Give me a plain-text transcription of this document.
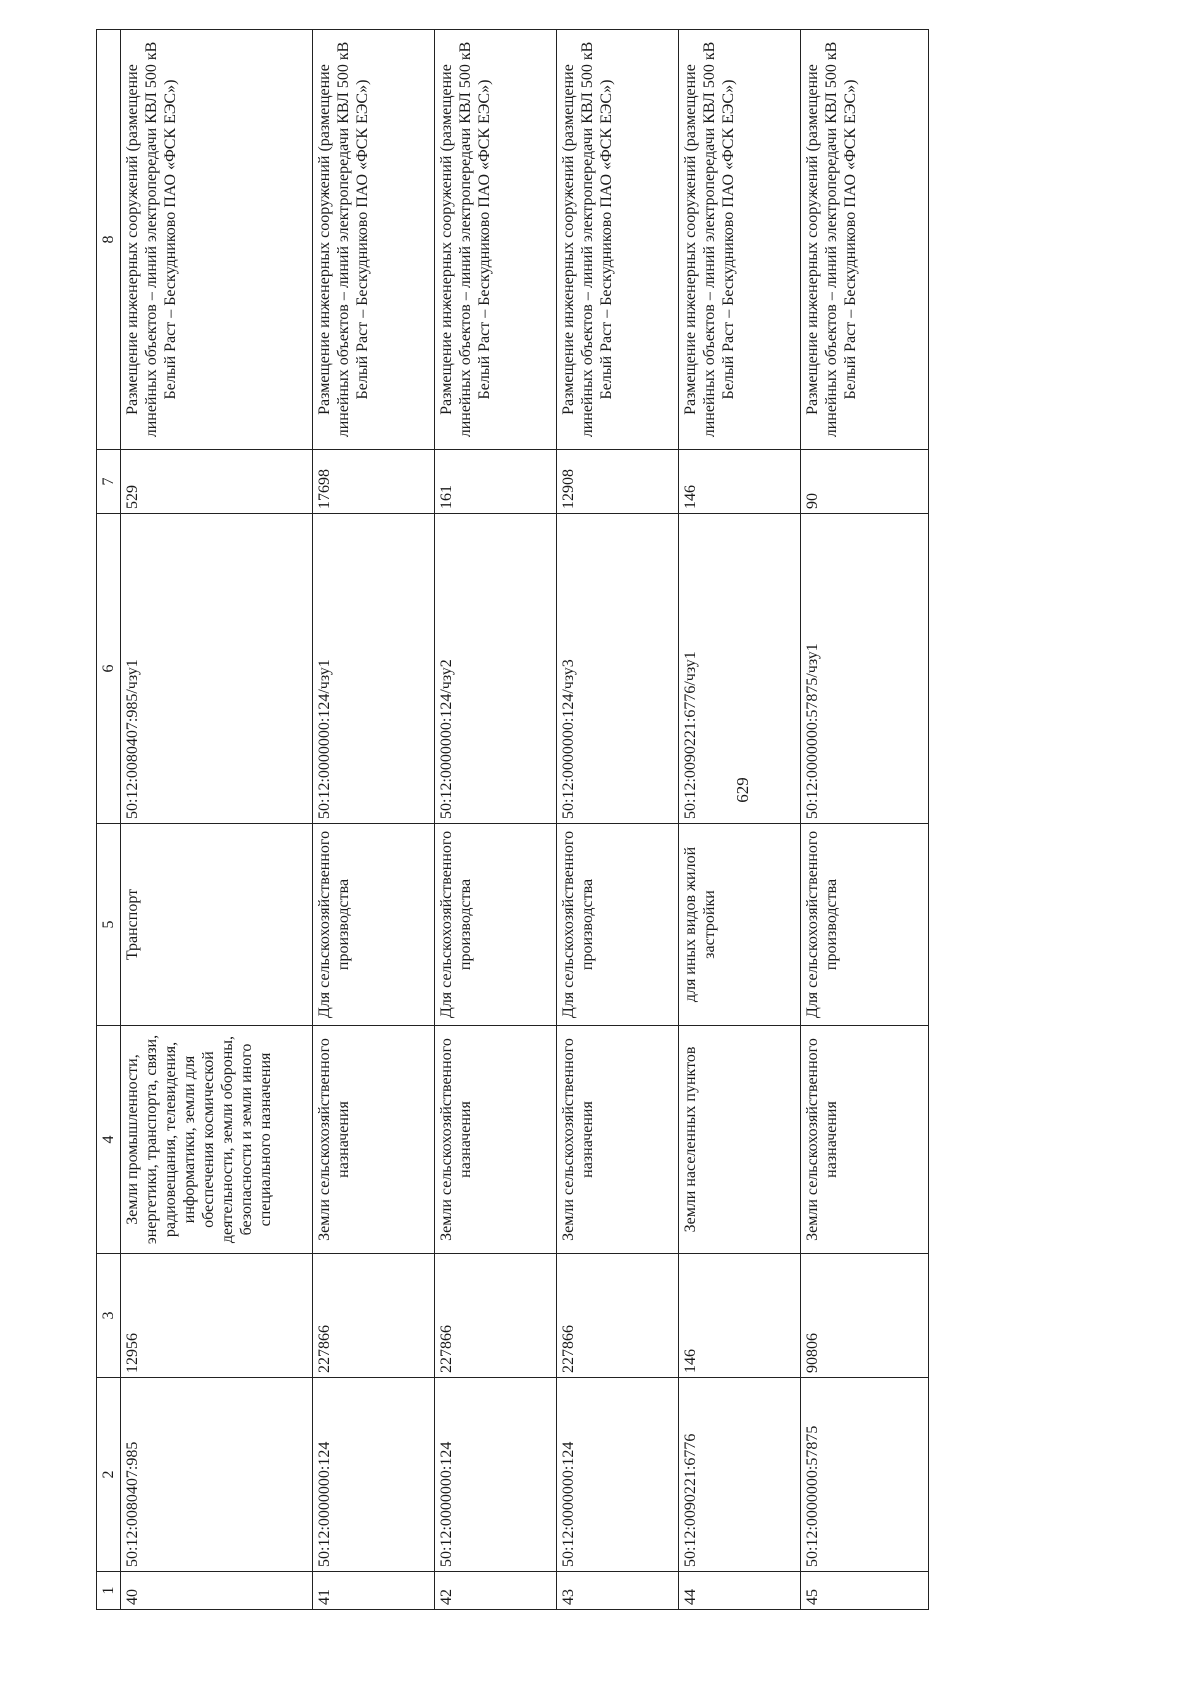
629
1	2	3	4	5	6	7	8
40	50:12:0080407:985	12956	Земли промышленности, энергетики, транспорта, связи, радиовещания, телевидения, информатики, земли для обеспечения космической деятельности, земли обороны, безопасности и земли иного специального назначения	Транспорт	50:12:0080407:985/чзу1	529	Размещение инженерных сооружений (размещение линейных объектов – линий электропередачи КВЛ 500 кВ Белый Раст – Бескудниково ПАО «ФСК ЕЭС»)
41	50:12:0000000:124	227866	Земли сельскохозяйственного назначения	Для сельскохозяйственного производства	50:12:0000000:124/чзу1	17698	Размещение инженерных сооружений (размещение линейных объектов – линий электропередачи КВЛ 500 кВ Белый Раст – Бескудниково ПАО «ФСК ЕЭС»)
42	50:12:0000000:124	227866	Земли сельскохозяйственного назначения	Для сельскохозяйственного производства	50:12:0000000:124/чзу2	161	Размещение инженерных сооружений (размещение линейных объектов – линий электропередачи КВЛ 500 кВ Белый Раст – Бескудниково ПАО «ФСК ЕЭС»)
43	50:12:0000000:124	227866	Земли сельскохозяйственного назначения	Для сельскохозяйственного производства	50:12:0000000:124/чзу3	12908	Размещение инженерных сооружений (размещение линейных объектов – линий электропередачи КВЛ 500 кВ Белый Раст – Бескудниково ПАО «ФСК ЕЭС»)
44	50:12:0090221:6776	146	Земли населенных пунктов	для иных видов жилой застройки	50:12:0090221:6776/чзу1	146	Размещение инженерных сооружений (размещение линейных объектов – линий электропередачи КВЛ 500 кВ Белый Раст – Бескудниково ПАО «ФСК ЕЭС»)
45	50:12:0000000:57875	90806	Земли сельскохозяйственного назначения	Для сельскохозяйственного производства	50:12:0000000:57875/чзу1	90	Размещение инженерных сооружений (размещение линейных объектов – линий электропередачи КВЛ 500 кВ Белый Раст – Бескудниково ПАО «ФСК ЕЭС»)
